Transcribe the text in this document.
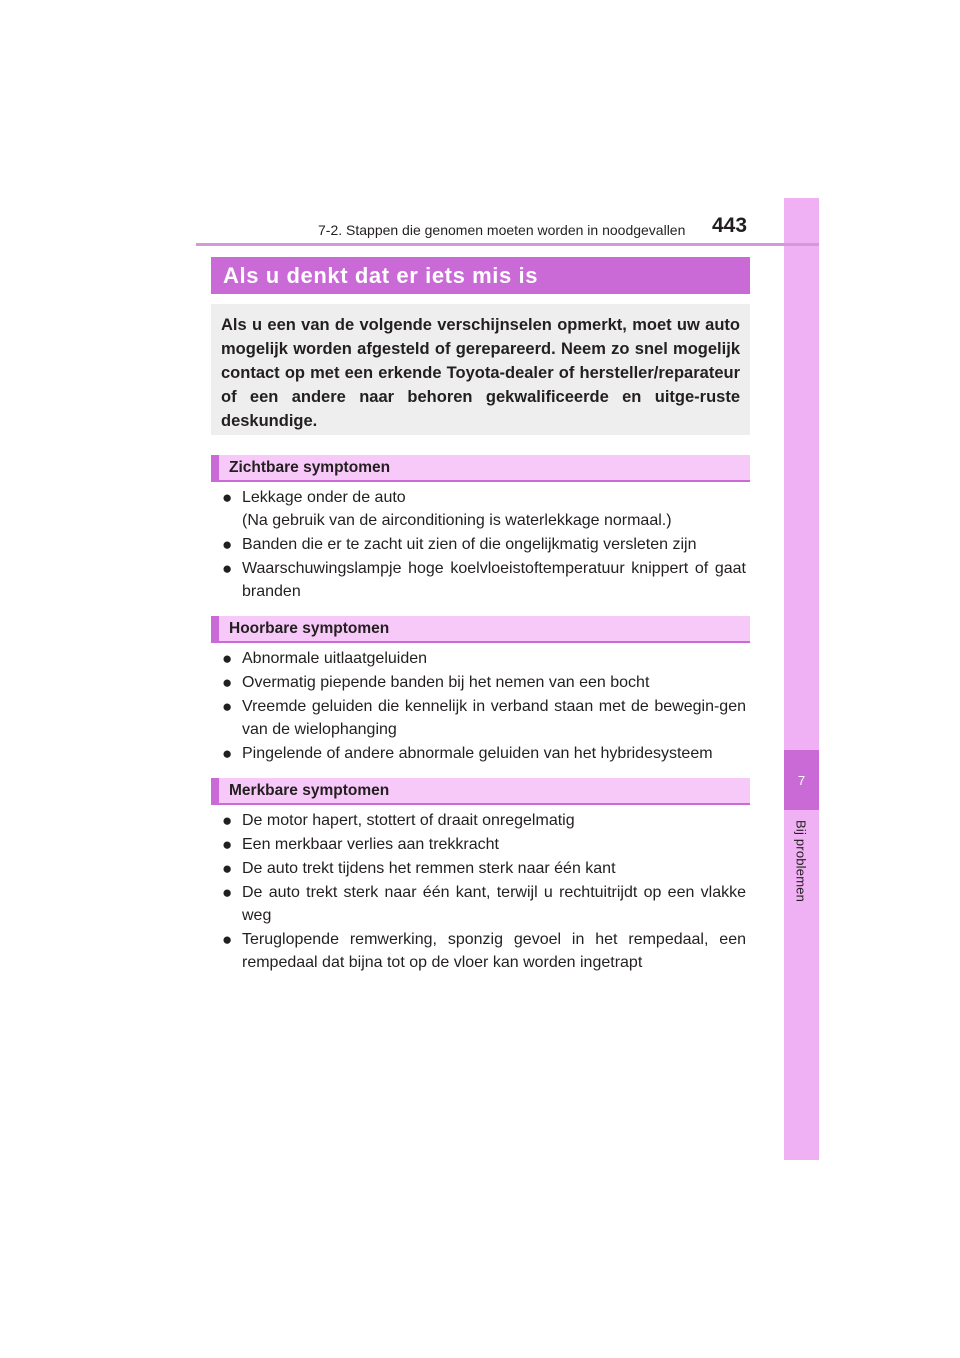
7
Bij problemen
7-2. Stappen die genomen moeten worden in noodgevallen 443
Als u denkt dat er iets mis is
Als u een van de volgende verschijnselen opmerkt, moet uw auto mogelijk worden afgesteld of gerepareerd. Neem zo snel mogelijk contact op met een erkende Toyota-dealer of hersteller/reparateur of een andere naar behoren gekwalificeerde en uitge-ruste deskundige.
Zichtbare symptomen
● Lekkage onder de auto
(Na gebruik van de airconditioning is waterlekkage normaal.)
● Banden die er te zacht uit zien of die ongelijkmatig versleten zijn
● Waarschuwingslampje hoge koelvloeistoftemperatuur knippert of gaat branden
Hoorbare symptomen
● Abnormale uitlaatgeluiden
● Overmatig piepende banden bij het nemen van een bocht
● Vreemde geluiden die kennelijk in verband staan met de bewegin-gen van de wielophanging
● Pingelende of andere abnormale geluiden van het hybridesysteem
Merkbare symptomen
● De motor hapert, stottert of draait onregelmatig
● Een merkbaar verlies aan trekkracht
● De auto trekt tijdens het remmen sterk naar één kant
● De auto trekt sterk naar één kant, terwijl u rechtuitrijdt op een vlakke weg
● Teruglopende remwerking, sponzig gevoel in het rempedaal, een rempedaal dat bijna tot op de vloer kan worden ingetrapt
